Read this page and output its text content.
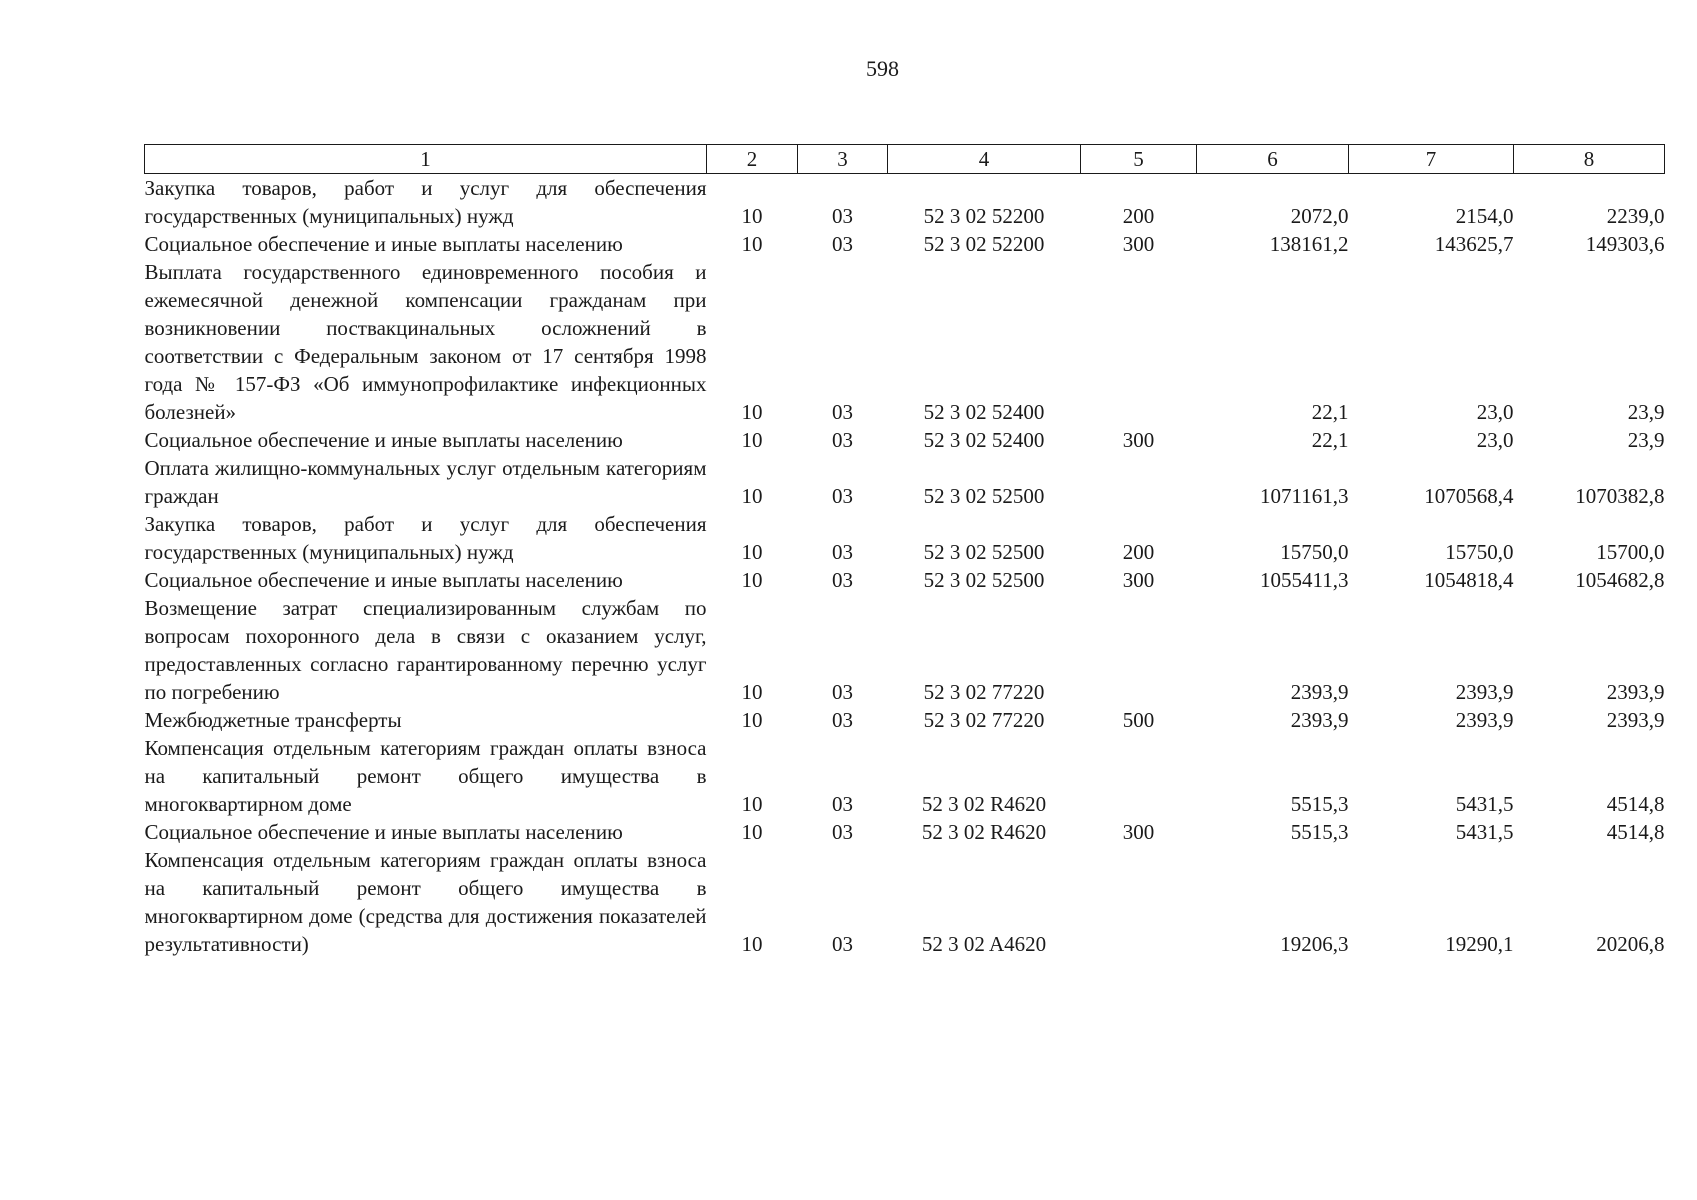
598
1	2	3	4	5	6	7	8
Закупка товаров, работ и услуг для обеспечения государственных (муниципальных) нужд	10	03	52 3 02 52200	200	2072,0	2154,0	2239,0
Социальное обеспечение и иные выплаты населению	10	03	52 3 02 52200	300	138161,2	143625,7	149303,6
Выплата государственного единовременного пособия и ежемесячной денежной компенсации гражданам при возникновении поствакцинальных осложнений в соответствии с Федеральным законом от 17 сентября 1998 года № 157-ФЗ «Об иммунопрофилактике инфекционных болезней»	10	03	52 3 02 52400		22,1	23,0	23,9
Социальное обеспечение и иные выплаты населению	10	03	52 3 02 52400	300	22,1	23,0	23,9
Оплата жилищно-коммунальных услуг отдельным категориям граждан	10	03	52 3 02 52500		1071161,3	1070568,4	1070382,8
Закупка товаров, работ и услуг для обеспечения государственных (муниципальных) нужд	10	03	52 3 02 52500	200	15750,0	15750,0	15700,0
Социальное обеспечение и иные выплаты населению	10	03	52 3 02 52500	300	1055411,3	1054818,4	1054682,8
Возмещение затрат специализированным службам по вопросам похоронного дела в связи с оказанием услуг, предоставленных согласно гарантированному перечню услуг по погребению	10	03	52 3 02 77220		2393,9	2393,9	2393,9
Межбюджетные трансферты	10	03	52 3 02 77220	500	2393,9	2393,9	2393,9
Компенсация отдельным категориям граждан оплаты взноса на капитальный ремонт общего имущества в многоквартирном доме	10	03	52 3 02 R4620		5515,3	5431,5	4514,8
Социальное обеспечение и иные выплаты населению	10	03	52 3 02 R4620	300	5515,3	5431,5	4514,8
Компенсация отдельным категориям граждан оплаты взноса на капитальный ремонт общего имущества в многоквартирном доме (средства для достижения показателей результативности)	10	03	52 3 02 A4620		19206,3	19290,1	20206,8
